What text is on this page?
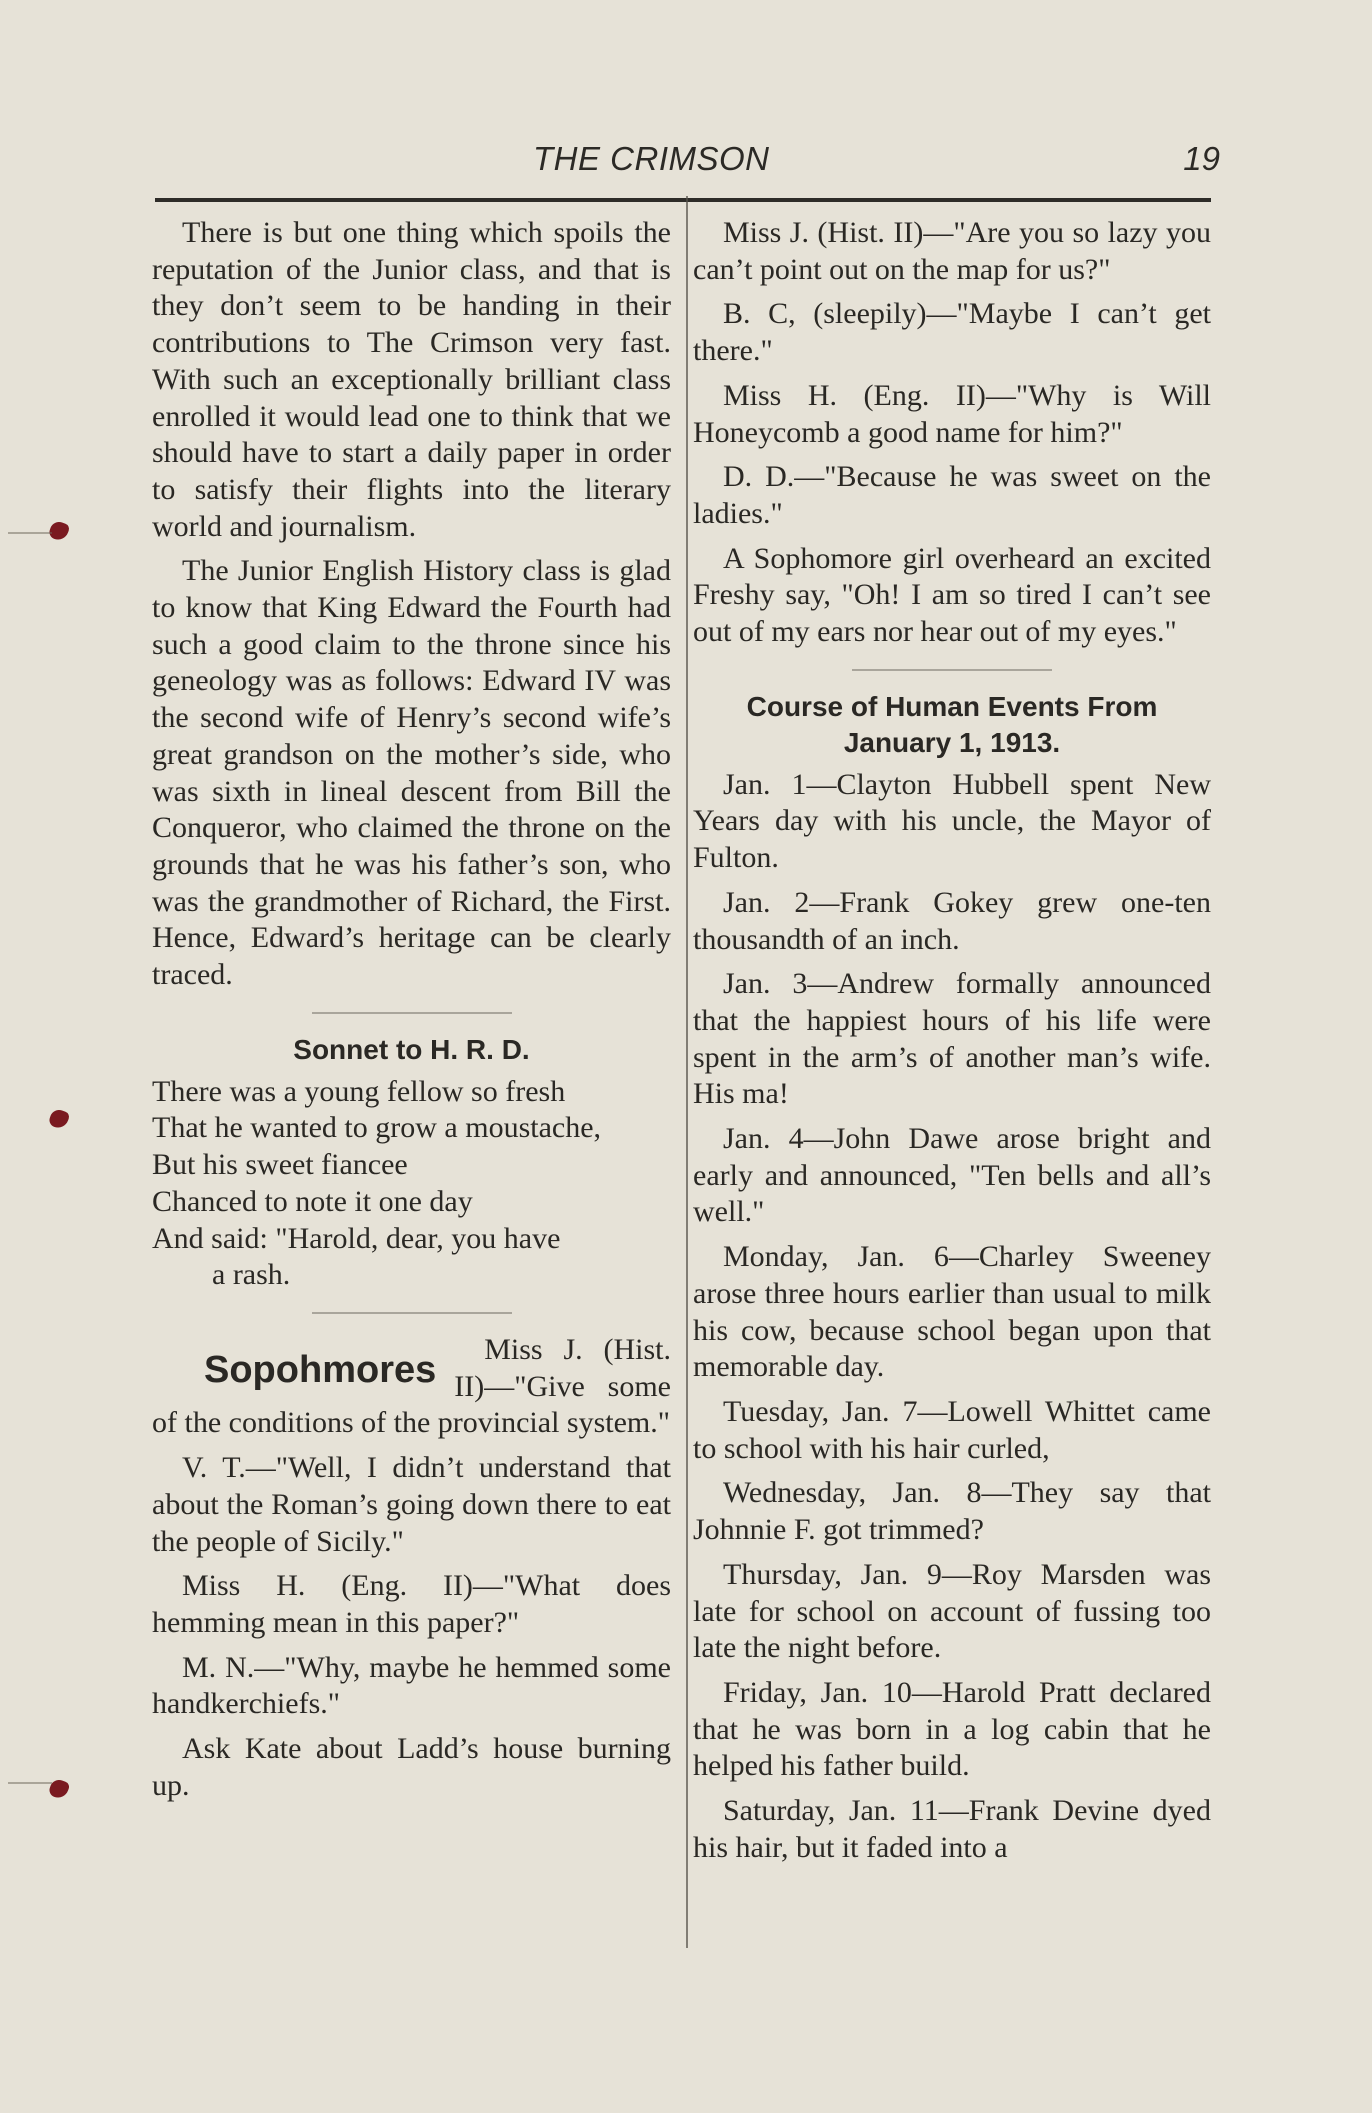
THE CRIMSON	19

There is but one thing which spoils the reputation of the Junior class, and that is they don’t seem to be handing in their contributions to The Crimson very fast. With such an exceptionally brilliant class enrolled it would lead one to think that we should have to start a daily paper in order to satisfy their flights into the literary world and journalism.

The Junior English History class is glad to know that King Edward the Fourth had such a good claim to the throne since his geneology was as follows: Edward IV was the second wife of Henry’s second wife’s great grandson on the mother’s side, who was sixth in lineal descent from Bill the Conqueror, who claimed the throne on the grounds that he was his father’s son, who was the grandmother of Richard, the First. Hence, Edward’s heritage can be clearly traced.

Sonnet to H. R. D.
There was a young fellow so fresh
That he wanted to grow a moustache,
But his sweet fiancee
Chanced to note it one day
And said: "Harold, dear, you have
a rash.

Sopohmores Miss J. (Hist. II)—"Give some of the conditions of the provincial system."

V. T.—"Well, I didn’t understand that about the Roman’s going down there to eat the people of Sicily."

Miss H. (Eng. II)—"What does hemming mean in this paper?"

M. N.—"Why, maybe he hemmed some handkerchiefs."

Ask Kate about Ladd’s house burning up.

Miss J. (Hist. II)—"Are you so lazy you can’t point out on the map for us?"

B. C, (sleepily)—"Maybe I can’t get there."

Miss H. (Eng. II)—"Why is Will Honeycomb a good name for him?"

D. D.—"Because he was sweet on the ladies."

A Sophomore girl overheard an excited Freshy say, "Oh! I am so tired I can’t see out of my ears nor hear out of my eyes."

Course of Human Events From January 1, 1913.

Jan. 1—Clayton Hubbell spent New Years day with his uncle, the Mayor of Fulton.

Jan. 2—Frank Gokey grew one-ten thousandth of an inch.

Jan. 3—Andrew formally announced that the happiest hours of his life were spent in the arm’s of another man’s wife. His ma!

Jan. 4—John Dawe arose bright and early and announced, "Ten bells and all’s well."

Monday, Jan. 6—Charley Sweeney arose three hours earlier than usual to milk his cow, because school began upon that memorable day.

Tuesday, Jan. 7—Lowell Whittet came to school with his hair curled,

Wednesday, Jan. 8—They say that Johnnie F. got trimmed?

Thursday, Jan. 9—Roy Marsden was late for school on account of fussing too late the night before.

Friday, Jan. 10—Harold Pratt declared that he was born in a log cabin that he helped his father build.

Saturday, Jan. 11—Frank Devine dyed his hair, but it faded into a
